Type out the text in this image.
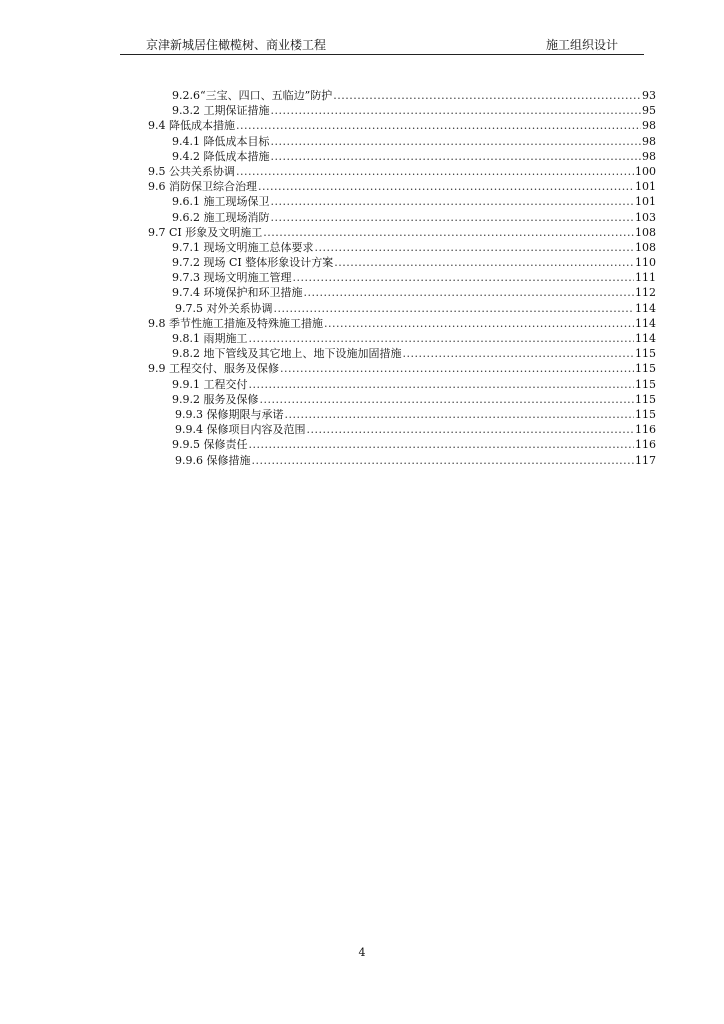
京津新城居住橄榄树、商业楼工程	施工组织设计
9.2.6“三宝、四口、五临边”防护 .....	93
9.3.2 工期保证措施 .....	95
9.4 降低成本措施 .....	98
9.4.1 降低成本目标 .....	98
9.4.2 降低成本措施 .....	98
9.5 公共关系协调 .....	100
9.6 消防保卫综合治理 .....	101
9.6.1 施工现场保卫 .....	101
9.6.2 施工现场消防 .....	103
9.7 CI 形象及文明施工 .....	108
9.7.1 现场文明施工总体要求 .....	108
9.7.2 现场 CI 整体形象设计方案 .....	110
9.7.3 现场文明施工管理 .....	111
9.7.4 环境保护和环卫措施 .....	112
9.7.5 对外关系协调 .....	114
9.8 季节性施工措施及特殊施工措施 .....	114
9.8.1 雨期施工 .....	114
9.8.2 地下管线及其它地上、地下设施加固措施 .....	115
9.9 工程交付、服务及保修 .....	115
9.9.1 工程交付 .....	115
9.9.2 服务及保修 .....	115
9.9.3 保修期限与承诺 .....	115
9.9.4 保修项目内容及范围 .....	116
9.9.5 保修责任 .....	116
9.9.6 保修措施 .....	117
4
